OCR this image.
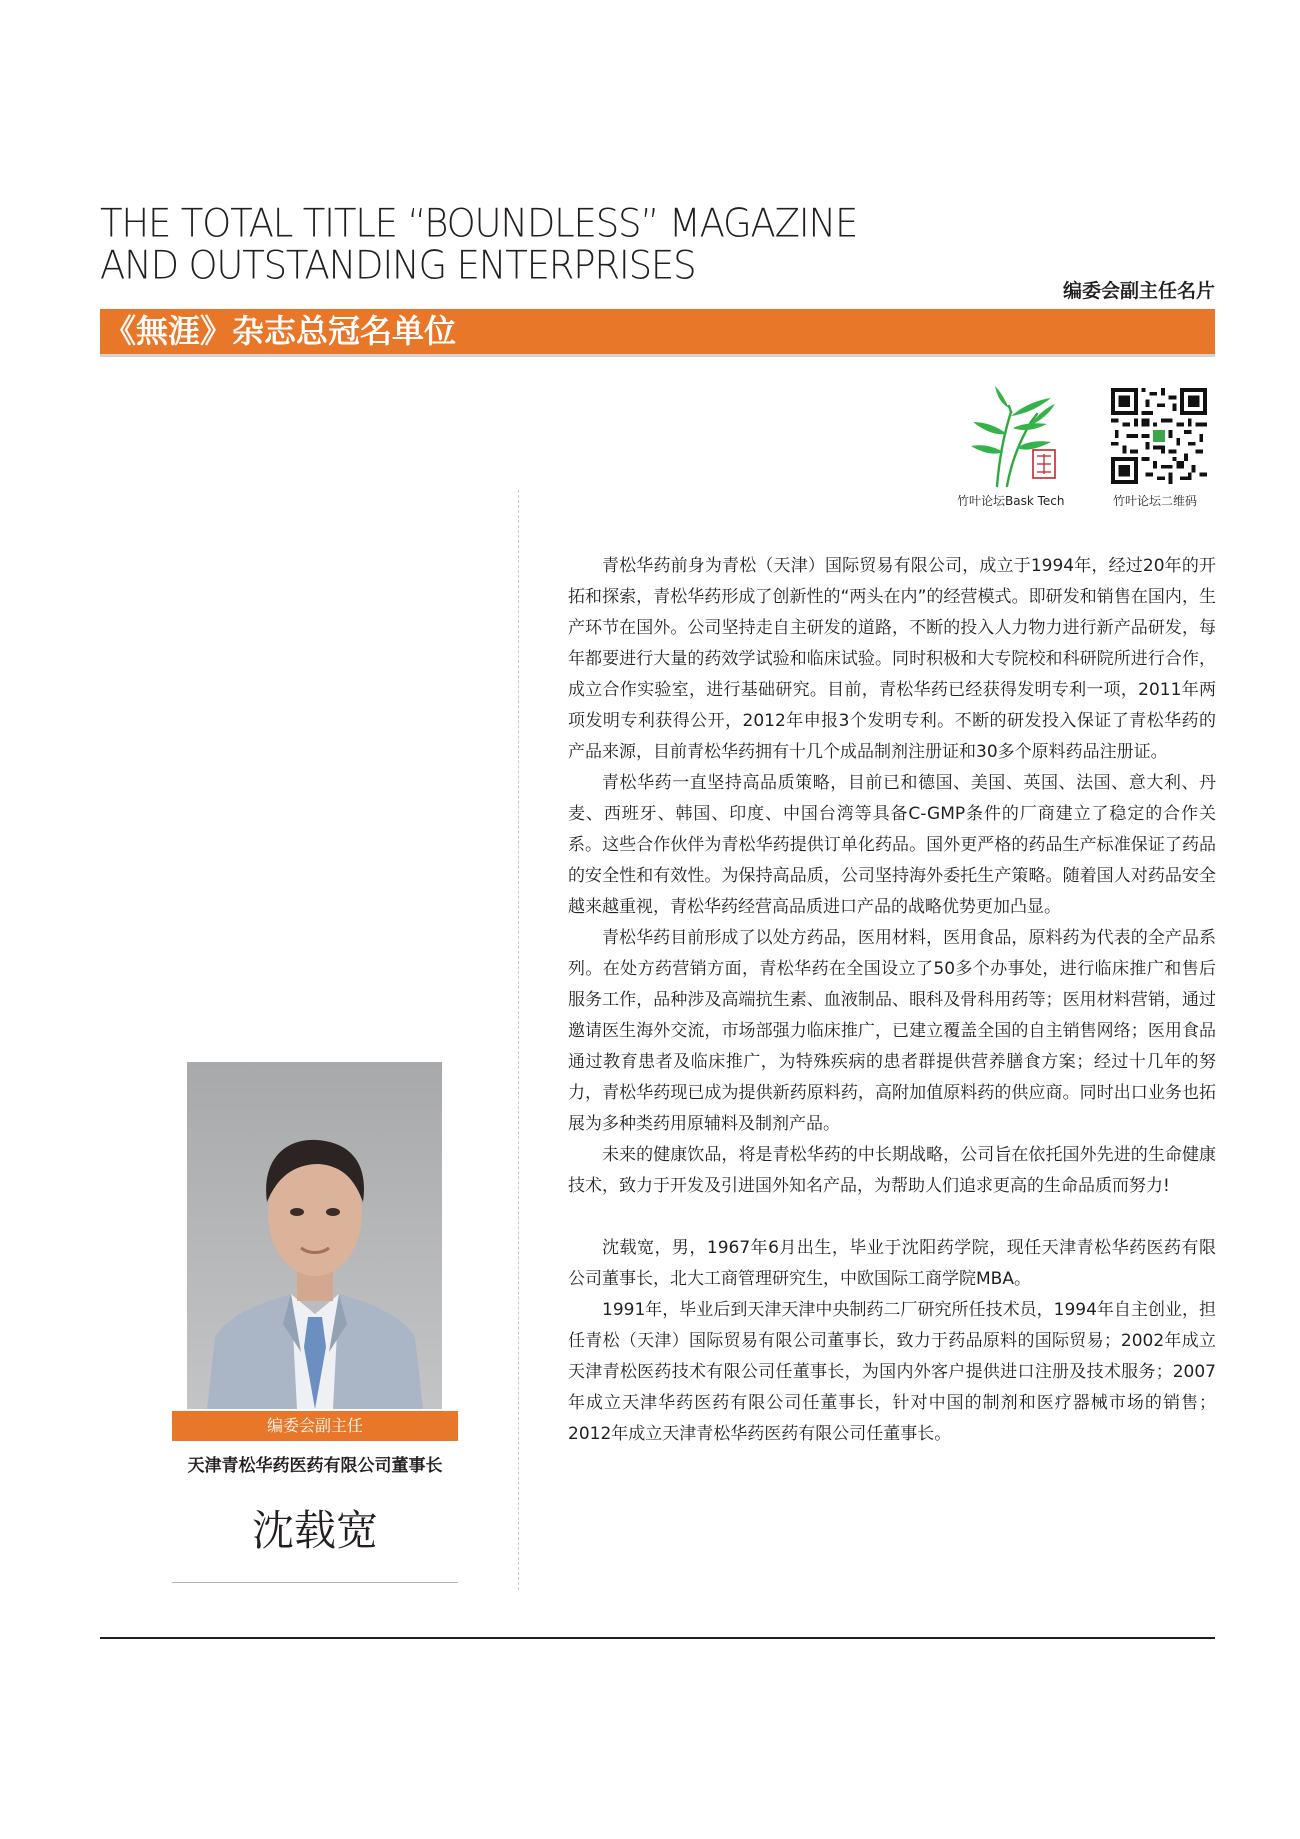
THE TOTAL TITLE “BOUNDLESS” MAGAZINE
AND OUTSTANDING ENTERPRISES
编委会副主任名片
《無涯》杂志总冠名单位
竹叶论坛Bask Tech	竹叶论坛二维码

青松华药前身为青松（天津）国际贸易有限公司，成立于1994年，经过20年的开拓和探索，青松华药形成了创新性的“两头在内”的经营模式。即研发和销售在国内，生产环节在国外。公司坚持走自主研发的道路，不断的投入人力物力进行新产品研发，每年都要进行大量的药效学试验和临床试验。同时积极和大专院校和科研院所进行合作，成立合作实验室，进行基础研究。目前，青松华药已经获得发明专利一项，2011年两项发明专利获得公开，2012年申报3个发明专利。不断的研发投入保证了青松华药的产品来源，目前青松华药拥有十几个成品制剂注册证和30多个原料药品注册证。

青松华药一直坚持高品质策略，目前已和德国、美国、英国、法国、意大利、丹麦、西班牙、韩国、印度、中国台湾等具备C-GMP条件的厂商建立了稳定的合作关系。这些合作伙伴为青松华药提供订单化药品。国外更严格的药品生产标准保证了药品的安全性和有效性。为保持高品质，公司坚持海外委托生产策略。随着国人对药品安全越来越重视，青松华药经营高品质进口产品的战略优势更加凸显。

青松华药目前形成了以处方药品，医用材料，医用食品，原料药为代表的全产品系列。在处方药营销方面，青松华药在全国设立了50多个办事处，进行临床推广和售后服务工作，品种涉及高端抗生素、血液制品、眼科及骨科用药等；医用材料营销，通过邀请医生海外交流，市场部强力临床推广，已建立覆盖全国的自主销售网络；医用食品通过教育患者及临床推广，为特殊疾病的患者群提供营养膳食方案；经过十几年的努力，青松华药现已成为提供新药原料药，高附加值原料药的供应商。同时出口业务也拓展为多种类药用原辅料及制剂产品。

未来的健康饮品，将是青松华药的中长期战略，公司旨在依托国外先进的生命健康技术，致力于开发及引进国外知名产品，为帮助人们追求更高的生命品质而努力!

沈载宽，男，1967年6月出生，毕业于沈阳药学院，现任天津青松华药医药有限公司董事长，北大工商管理研究生，中欧国际工商学院MBA。

1991年，毕业后到天津天津中央制药二厂研究所任技术员，1994年自主创业，担任青松（天津）国际贸易有限公司董事长，致力于药品原料的国际贸易；2002年成立天津青松医药技术有限公司任董事长，为国内外客户提供进口注册及技术服务；2007年成立天津华药医药有限公司任董事长，针对中国的制剂和医疗器械市场的销售；2012年成立天津青松华药医药有限公司任董事长。

编委会副主任
天津青松华药医药有限公司董事长
沈载宽
